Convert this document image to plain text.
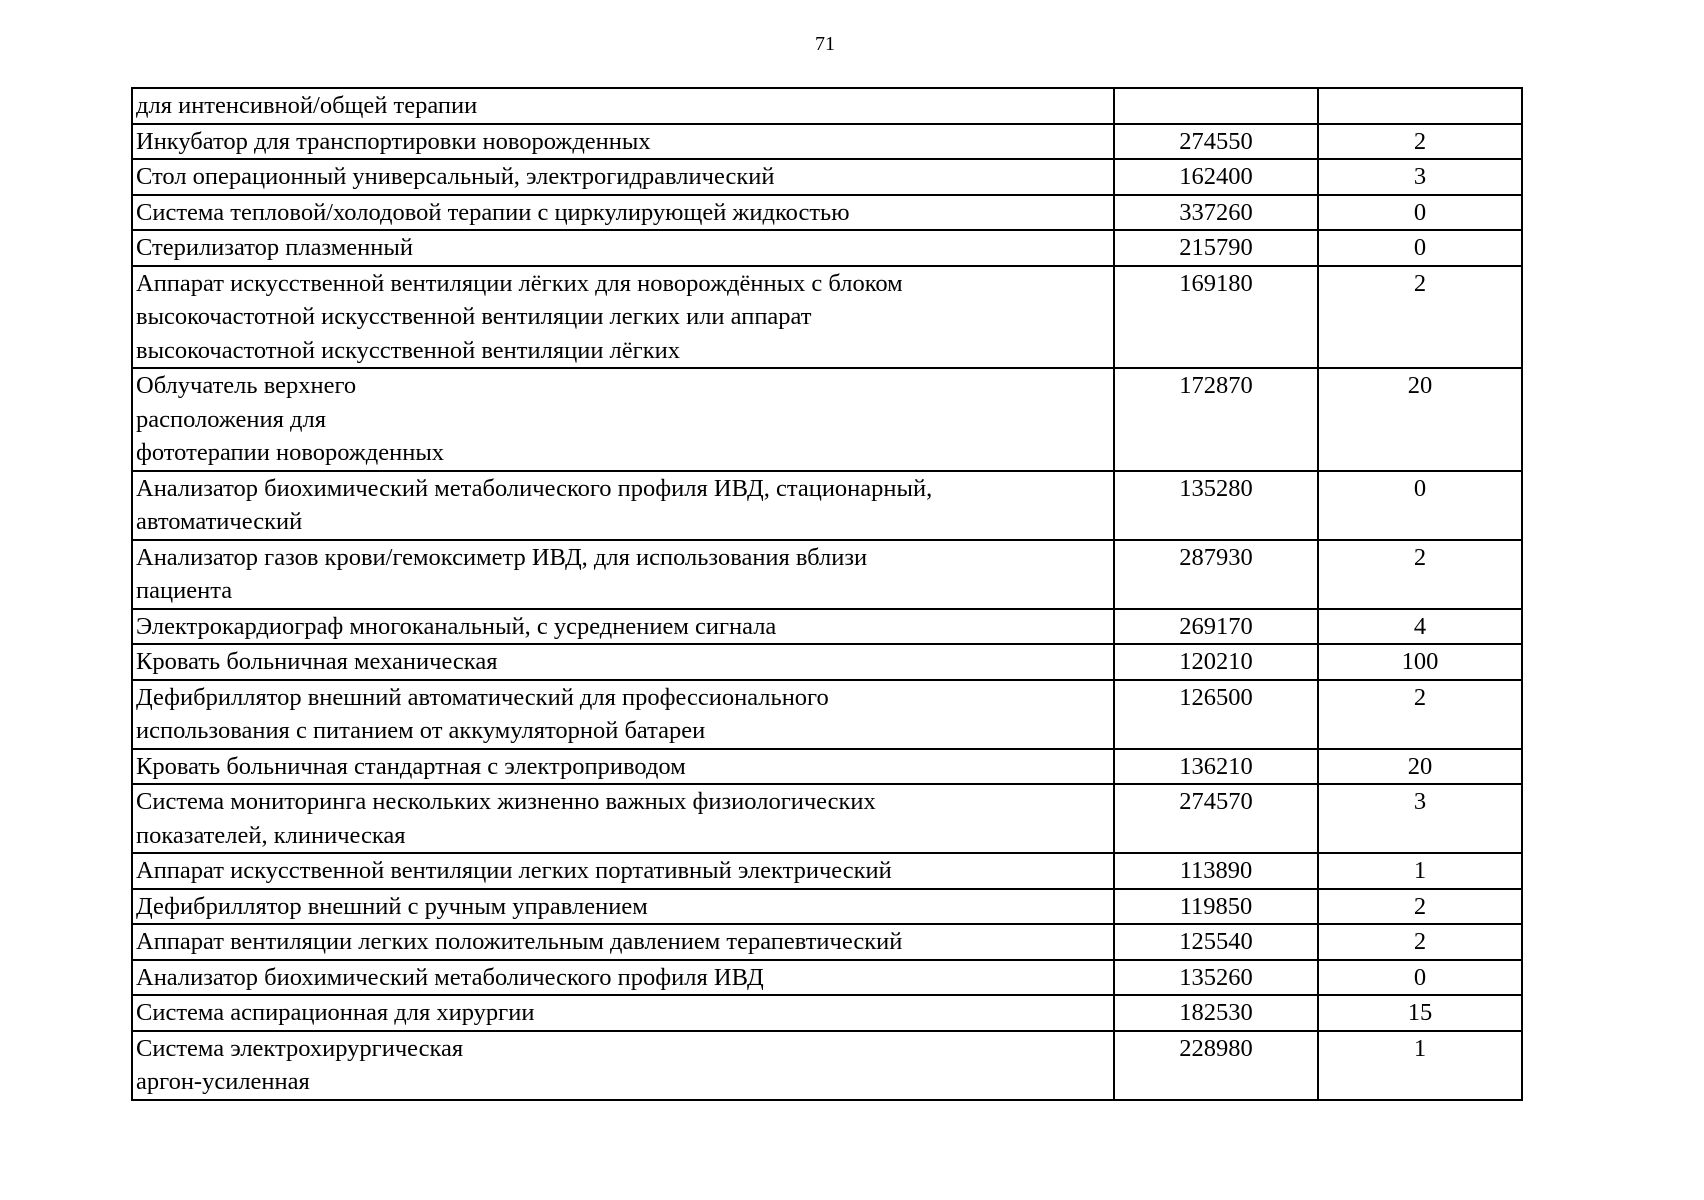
71
для интенсивной/общей терапии		
Инкубатор для транспортировки новорожденных	274550	2
Стол операционный универсальный, электрогидравлический	162400	3
Система тепловой/холодовой терапии с циркулирующей жидкостью	337260	0
Стерилизатор плазменный	215790	0
Аппарат искусственной вентиляции лёгких для новорождённых с блоком
высокочастотной искусственной вентиляции легких или аппарат
высокочастотной искусственной вентиляции лёгких	169180	2
Облучатель верхнего
расположения для
фототерапии новорожденных	172870	20
Анализатор биохимический метаболического профиля ИВД, стационарный,
автоматический	135280	0
Анализатор газов крови/гемоксиметр ИВД, для использования вблизи
пациента	287930	2
Электрокардиограф многоканальный, с усреднением сигнала	269170	4
Кровать больничная механическая	120210	100
Дефибриллятор внешний автоматический для профессионального
использования с питанием от аккумуляторной батареи	126500	2
Кровать больничная стандартная с электроприводом	136210	20
Система мониторинга нескольких жизненно важных физиологических
показателей, клиническая	274570	3
Аппарат искусственной вентиляции легких портативный электрический	113890	1
Дефибриллятор внешний с ручным управлением	119850	2
Аппарат вентиляции легких положительным давлением терапевтический	125540	2
Анализатор биохимический метаболического профиля ИВД	135260	0
Система аспирационная для хирургии	182530	15
Система электрохирургическая
аргон-усиленная	228980	1
